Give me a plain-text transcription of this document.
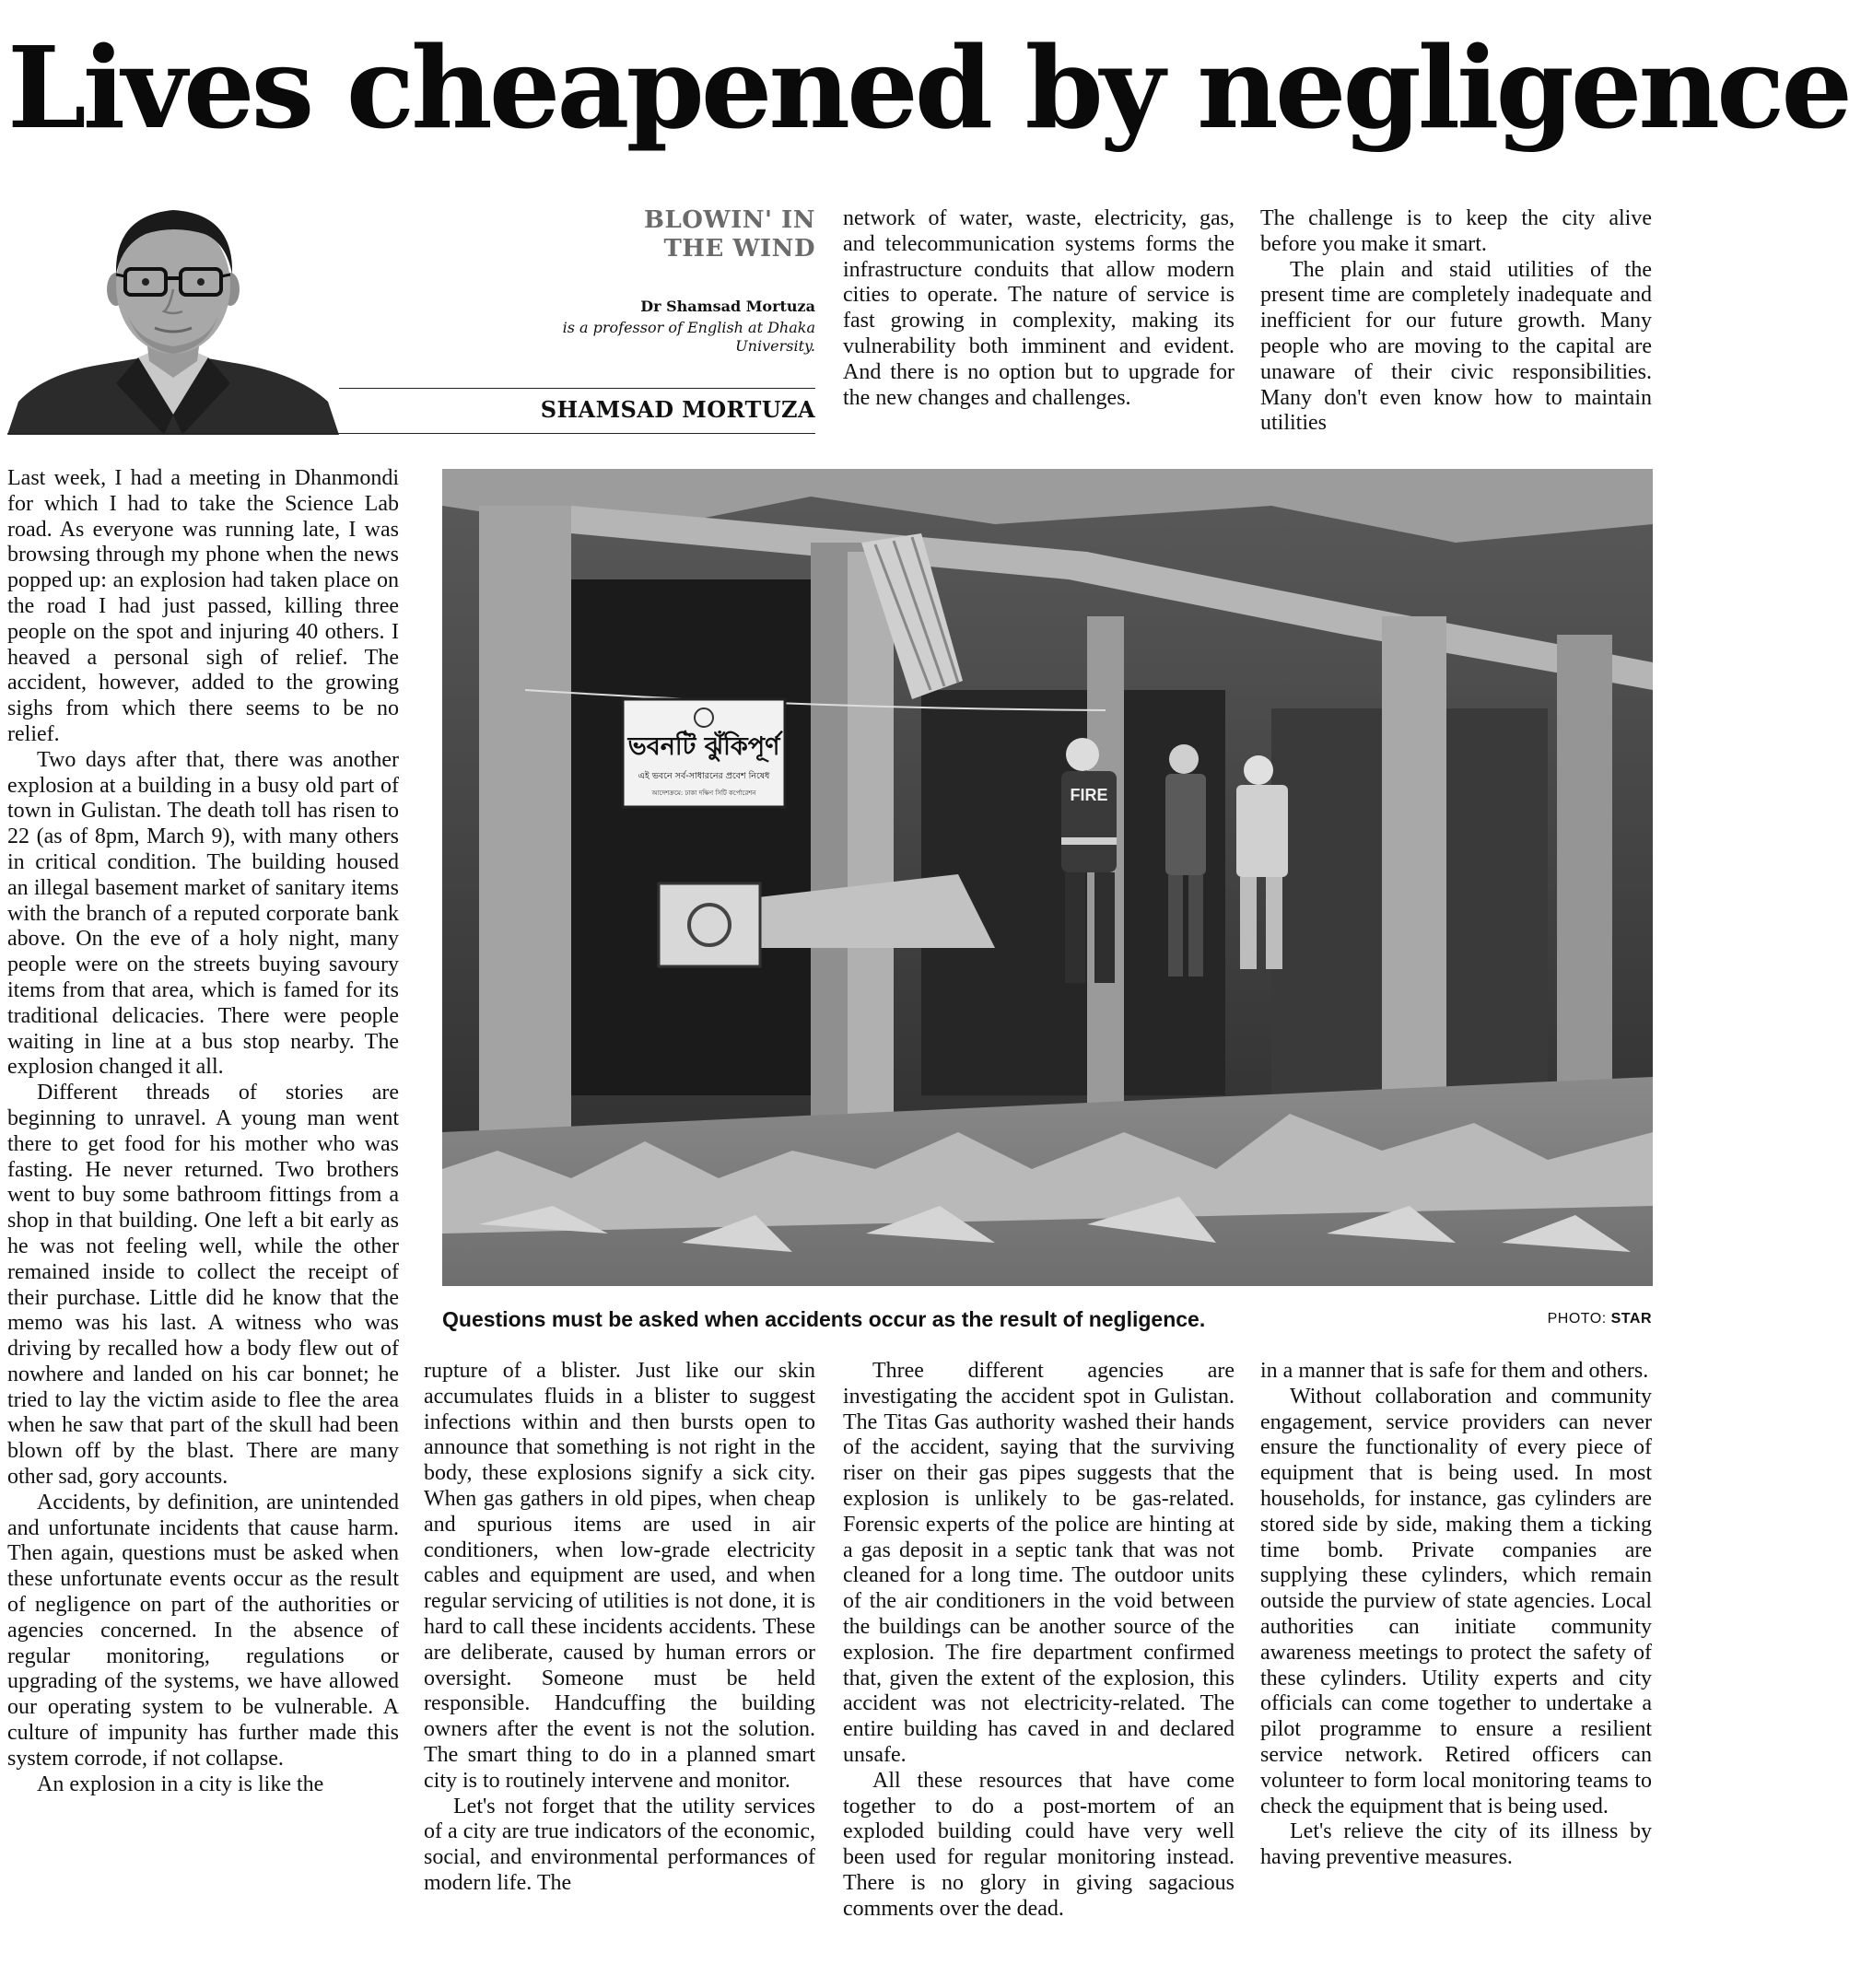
Lives cheapened by negligence
BLOWIN' IN
THE WIND
Dr Shamsad Mortuza
is a professor of English at Dhaka University.
SHAMSAD MORTUZA

network of water, waste, electricity, gas, and telecommunication systems forms the infrastructure conduits that allow modern cities to operate. The nature of service is fast growing in complexity, making its vulnerability both imminent and evident. And there is no option but to upgrade for the new changes and challenges.

The challenge is to keep the city alive before you make it smart.

The plain and staid utilities of the present time are completely inadequate and inefficient for our future growth. Many people who are moving to the capital are unaware of their civic responsibilities. Many don't even know how to maintain utilities

ভবনটি ঝুঁকিপূর্ণ
এই ভবনে সর্ব-সাধারনের প্রবেশ নিষেধ
আদেশক্রমে: ঢাকা দক্ষিণ সিটি কর্পোরেশন	FIRE
Questions must be asked when accidents occur as the result of negligence.	PHOTO: STAR

Last week, I had a meeting in Dhanmondi for which I had to take the Science Lab road. As everyone was running late, I was browsing through my phone when the news popped up: an explosion had taken place on the road I had just passed, killing three people on the spot and injuring 40 others. I heaved a personal sigh of relief. The accident, however, added to the growing sighs from which there seems to be no relief.

Two days after that, there was another explosion at a building in a busy old part of town in Gulistan. The death toll has risen to 22 (as of 8pm, March 9), with many others in critical condition. The building housed an illegal basement market of sanitary items with the branch of a reputed corporate bank above. On the eve of a holy night, many people were on the streets buying savoury items from that area, which is famed for its traditional delicacies. There were people waiting in line at a bus stop nearby. The explosion changed it all.

Different threads of stories are beginning to unravel. A young man went there to get food for his mother who was fasting. He never returned. Two brothers went to buy some bathroom fittings from a shop in that building. One left a bit early as he was not feeling well, while the other remained inside to collect the receipt of their purchase. Little did he know that the memo was his last. A witness who was driving by recalled how a body flew out of nowhere and landed on his car bonnet; he tried to lay the victim aside to flee the area when he saw that part of the skull had been blown off by the blast. There are many other sad, gory accounts.

Accidents, by definition, are unintended and unfortunate incidents that cause harm. Then again, questions must be asked when these unfortunate events occur as the result of negligence on part of the authorities or agencies concerned. In the absence of regular monitoring, regulations or upgrading of the systems, we have allowed our operating system to be vulnerable. A culture of impunity has further made this system corrode, if not collapse.

An explosion in a city is like the

rupture of a blister. Just like our skin accumulates fluids in a blister to suggest infections within and then bursts open to announce that something is not right in the body, these explosions signify a sick city. When gas gathers in old pipes, when cheap and spurious items are used in air conditioners, when low-grade electricity cables and equipment are used, and when regular servicing of utilities is not done, it is hard to call these incidents accidents. These are deliberate, caused by human errors or oversight. Someone must be held responsible. Handcuffing the building owners after the event is not the solution. The smart thing to do in a planned smart city is to routinely intervene and monitor.

Let's not forget that the utility services of a city are true indicators of the economic, social, and environmental performances of modern life. The

Three different agencies are investigating the accident spot in Gulistan. The Titas Gas authority washed their hands of the accident, saying that the surviving riser on their gas pipes suggests that the explosion is unlikely to be gas-related. Forensic experts of the police are hinting at a gas deposit in a septic tank that was not cleaned for a long time. The outdoor units of the air conditioners in the void between the buildings can be another source of the explosion. The fire department confirmed that, given the extent of the explosion, this accident was not electricity-related. The entire building has caved in and declared unsafe.

All these resources that have come together to do a post-mortem of an exploded building could have very well been used for regular monitoring instead. There is no glory in giving sagacious comments over the dead.

in a manner that is safe for them and others.

Without collaboration and community engagement, service providers can never ensure the functionality of every piece of equipment that is being used. In most households, for instance, gas cylinders are stored side by side, making them a ticking time bomb. Private companies are supplying these cylinders, which remain outside the purview of state agencies. Local authorities can initiate community awareness meetings to protect the safety of these cylinders. Utility experts and city officials can come together to undertake a pilot programme to ensure a resilient service network. Retired officers can volunteer to form local monitoring teams to check the equipment that is being used.

Let's relieve the city of its illness by having preventive measures.
